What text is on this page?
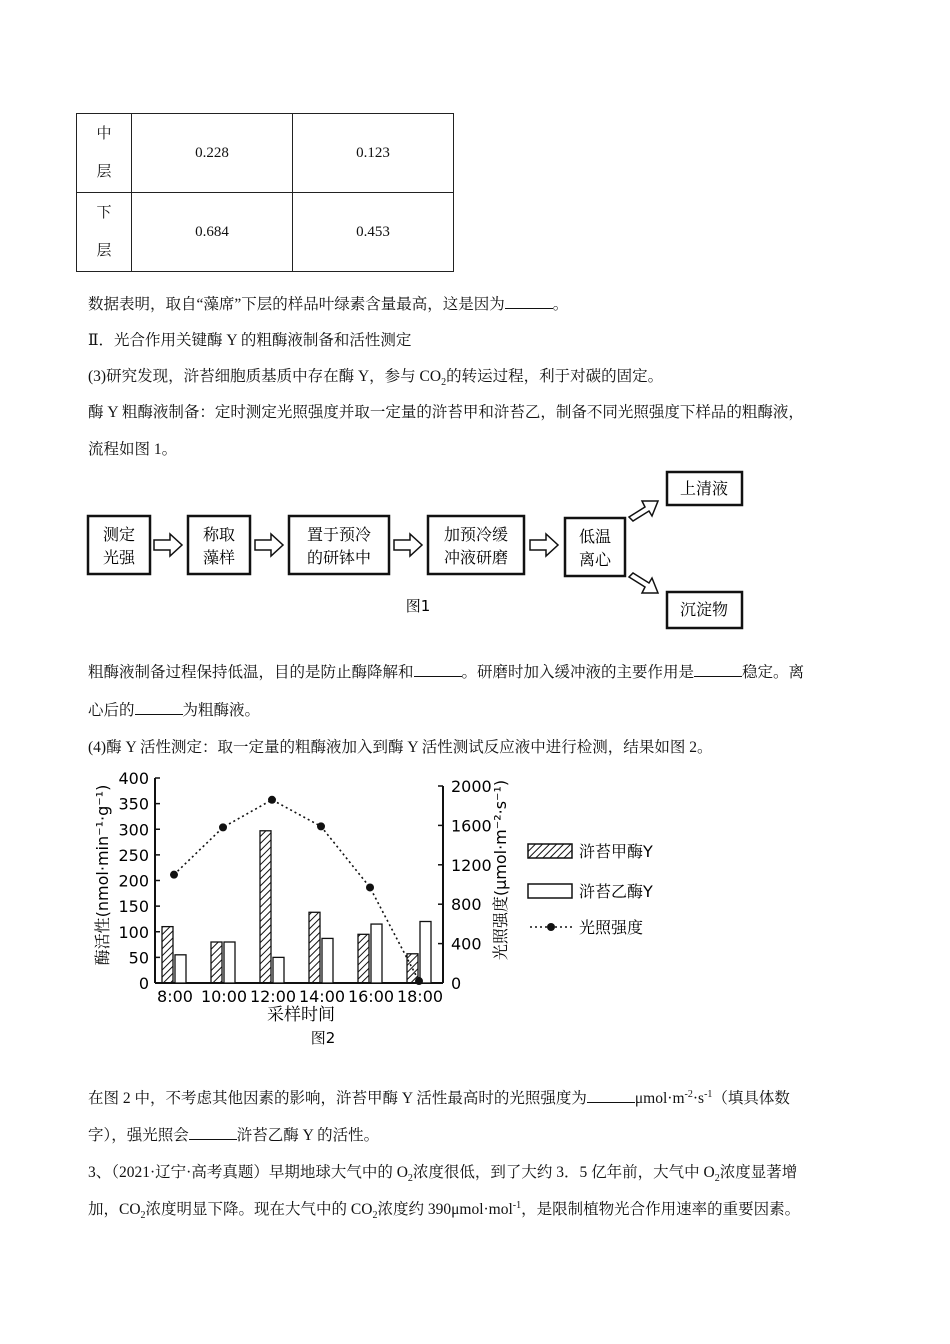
中
层	0.228	0.123
下
层	0.684	0.453
数据表明，取自“藻席”下层的样品叶绿素含量最高，这是因为	。
Ⅱ．光合作用关键酶 Y 的粗酶液制备和活性测定
(3)研究发现，浒苔细胞质基质中存在酶 Y，参与 $CO_2$的转运过程，利于对碳的固定。
酶 Y 粗酶液制备：定时测定光照强度并取一定量的浒苔甲和浒苔乙，制备不同光照强度下样品的粗酶液，
流程如图 1。
测定
光强
称取
藻样
置于预冷
的研钵中
加预冷缓
冲液研磨
低温
离心
上清液
沉淀物
图1
粗酶液制备过程保持低温，目的是防止酶降解和	。研磨时加入缓冲液的主要作用是	稳定。离
心后的	为粗酶液。
(4)酶 Y 活性测定：取一定量的粗酶液加入到酶 Y 活性测试反应液中进行检测，结果如图 2。
0
50
100
150
200
250
300
350
400
0
400
800
1200
1600
2000
8:00 10:00 12:00 14:00 16:00 18:00
酶活性(nmol·min⁻¹·g⁻¹)	光照强度(μmol·m⁻²·s⁻¹)
采样时间
图2
浒苔甲酶Y
浒苔乙酶Y
光照强度
在图 2 中，不考虑其他因素的影响，浒苔甲酶 Y 活性最高时的光照强度为	$\mu mol\cdot m^{-2}\cdot s^{-1}$（填具体数
字），强光照会	浒苔乙酶 Y 的活性。
3、（2021·辽宁·高考真题）早期地球大气中的 $O_2$浓度很低，到了大约 3．5 亿年前，大气中 $O_2$浓度显著增
加，$CO_2$浓度明显下降。现在大气中的 $CO_2$浓度约 390μmol·mol$^{-1}$，是限制植物光合作用速率的重要因素。
